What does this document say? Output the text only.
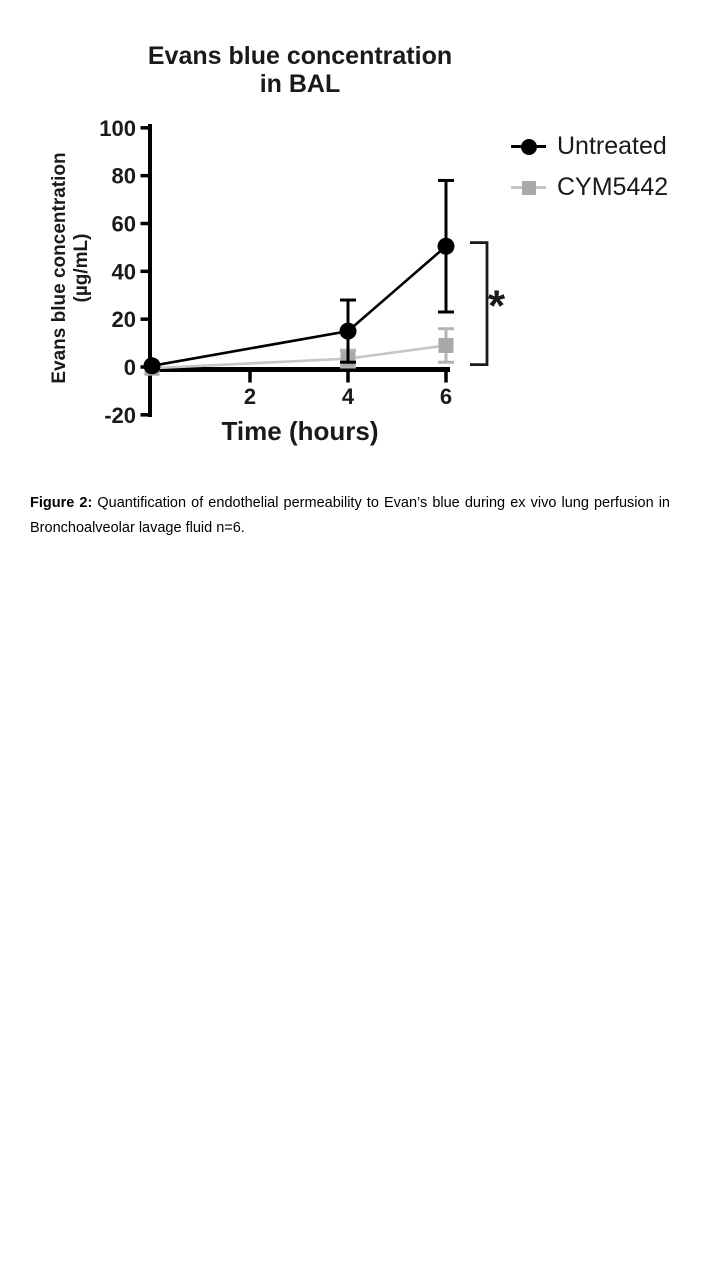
Evans blue concentration
in BAL
Evans blue concentration (µg/mL)
100
80
60
40
20
0
-20
2	4	6
*
Time (hours)
Untreated
CYM5442
Figure 2: Quantification of endothelial permeability to Evan’s blue during ex vivo lung perfusion in Bronchoalveolar lavage fluid n=6.
